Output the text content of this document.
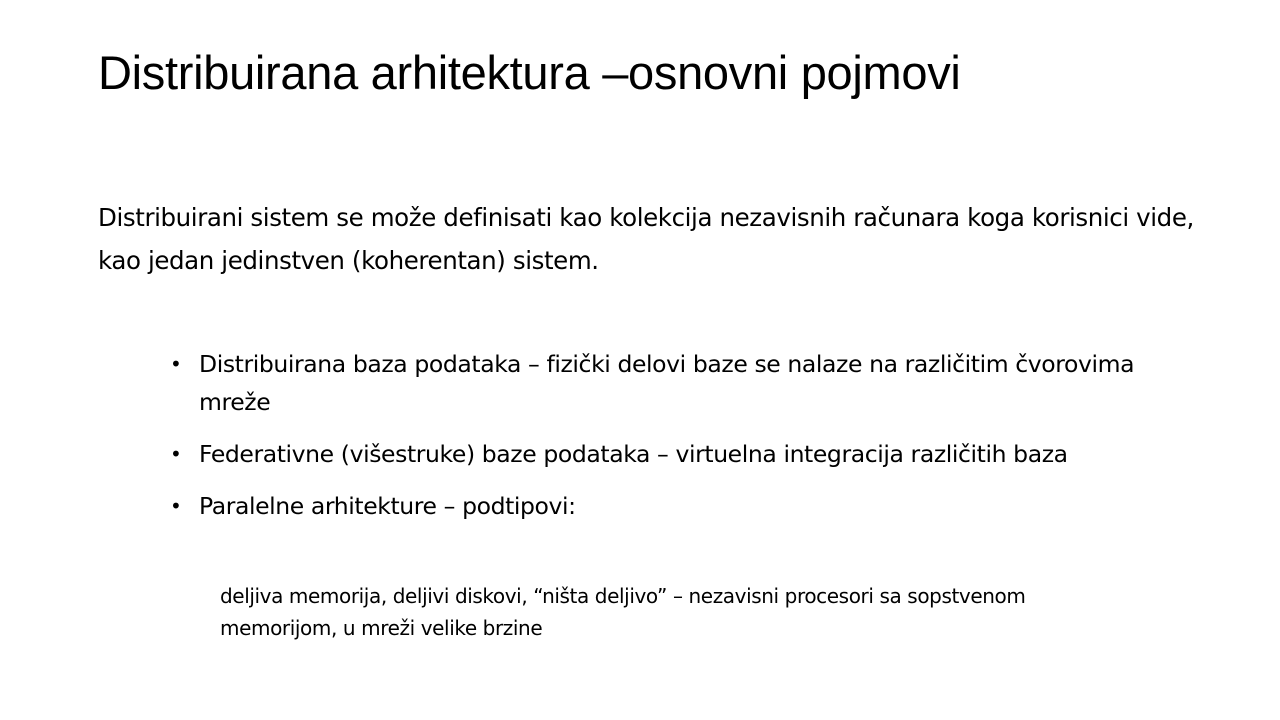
Distribuirana arhitektura –osnovni pojmovi

Distribuirani sistem se može definisati kao kolekcija nezavisnih računara koga korisnici vide, kao jedan jedinstven (koherentan) sistem.

• Distribuirana baza podataka – fizički delovi baze se nalaze na različitim čvorovima mreže
• Federativne (višestruke) baze podataka – virtuelna integracija različitih baza
• Paralelne arhitekture – podtipovi:

deljiva memorija, deljivi diskovi, “ništa deljivo” – nezavisni procesori sa sopstvenom memorijom, u mreži velike brzine
